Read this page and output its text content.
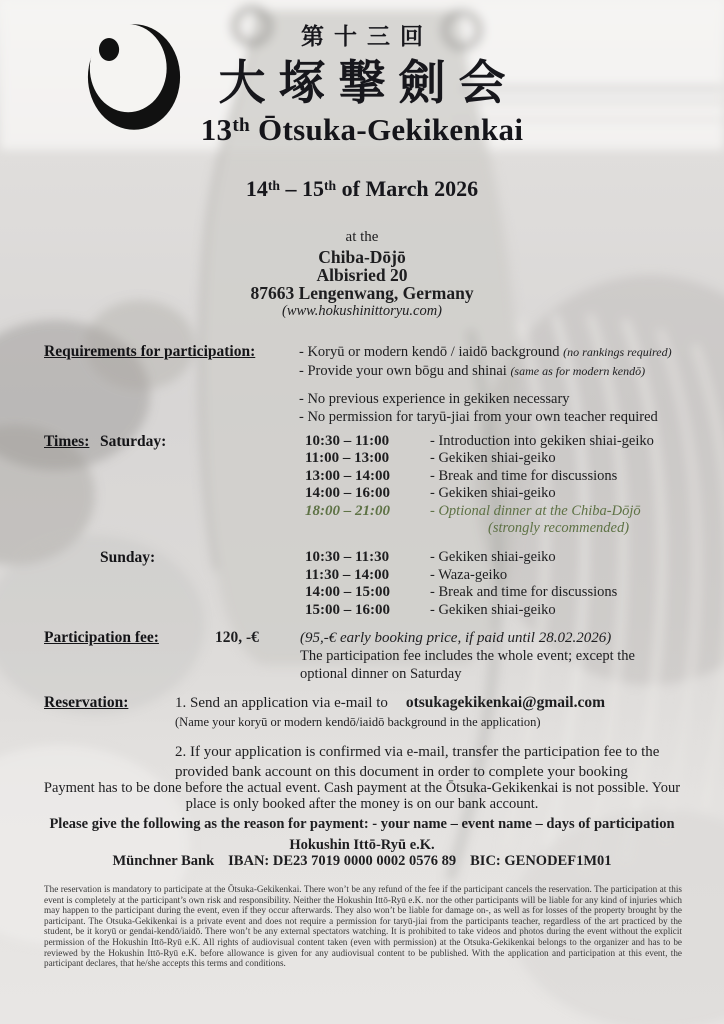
第十三回
大塚撃劍会
13th Ōtsuka-Gekikenkai
14th – 15th of March 2026
at the
Chiba-Dōjō
Albisried 20
87663 Lengenwang, Germany
(www.hokushinittoryu.com)
Requirements for participation:	- Koryū or modern kendō / iaidō background (no rankings required)
- Provide your own bōgu and shinai (same as for modern kendō)
- No previous experience in gekiken necessary
- No permission for taryū-jiai from your own teacher required
Times: Saturday:	10:30 – 11:00	- Introduction into gekiken shiai-geiko
11:00 – 13:00	- Gekiken shiai-geiko
13:00 – 14:00	- Break and time for discussions
14:00 – 16:00	- Gekiken shiai-geiko
18:00 – 21:00	- Optional dinner at the Chiba-Dōjō
(strongly recommended)
Sunday:	10:30 – 11:30	- Gekiken shiai-geiko
11:30 – 14:00	- Waza-geiko
14:00 – 15:00	- Break and time for discussions
15:00 – 16:00	- Gekiken shiai-geiko
Participation fee:	120, -€	(95,-€ early booking price, if paid until 28.02.2026)
The participation fee includes the whole event; except the optional dinner on Saturday
Reservation:	1. Send an application via e-mail to otsukagekikenkai@gmail.com
(Name your koryū or modern kendō/iaidō background in the application)
2. If your application is confirmed via e-mail, transfer the participation fee to the provided bank account on this document in order to complete your booking
Payment has to be done before the actual event. Cash payment at the Ōtsuka-Gekikenkai is not possible. Your place is only booked after the money is on our bank account.
Please give the following as the reason for payment: - your name – event name – days of participation
Hokushin Ittō-Ryū e.K.
Münchner Bank IBAN: DE23 7019 0000 0002 0576 89 BIC: GENODEF1M01
The reservation is mandatory to participate at the Ōtsuka-Gekikenkai. There won’t be any refund of the fee if the participant cancels the reservation. The participation at this event is completely at the participant’s own risk and responsibility. Neither the Hokushin Ittō-Ryū e.K. nor the other participants will be liable for any kind of injuries which may happen to the participant during the event, even if they occur afterwards. They also won’t be liable for damage on-, as well as for losses of the property brought by the participant. The Otsuka-Gekikenkai is a private event and does not require a permission for taryū-jiai from the participants teacher, regardless of the art practiced by the student, be it koryū or gendai-kendō/iaidō. There won’t be any external spectators watching. It is prohibited to take videos and photos during the event without the explicit permission of the Hokushin Ittō-Ryū e.K. All rights of audiovisual content taken (even with permission) at the Otsuka-Gekikenkai belongs to the organizer and has to be reviewed by the Hokushin Ittō-Ryū e.K. before allowance is given for any audiovisual content to be published. With the application and participation at this event, the participant declares, that he/she accepts this terms and conditions.
